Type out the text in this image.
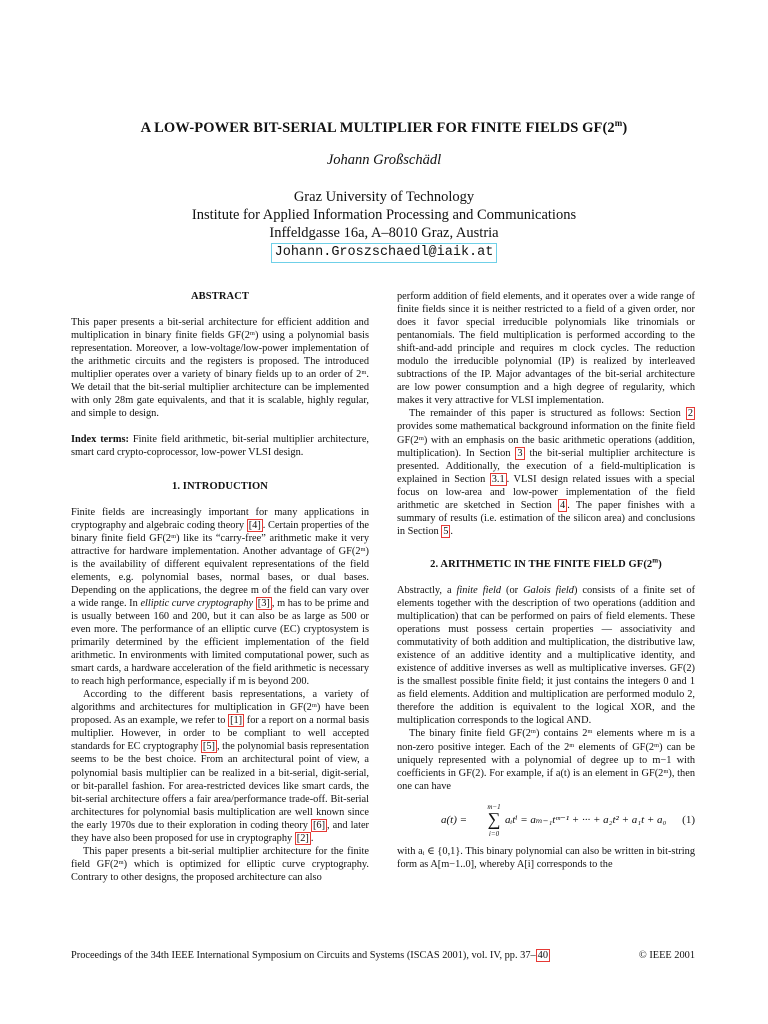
A LOW-POWER BIT-SERIAL MULTIPLIER FOR FINITE FIELDS GF(2$^m$)
Johann Großschädl
Graz University of Technology
Institute for Applied Information Processing and Communications
Inffeldgasse 16a, A–8010 Graz, Austria
Johann.Groszschaedl@iaik.at
ABSTRACT

This paper presents a bit-serial architecture for efficient addition and multiplication in binary finite fields GF(2ᵐ) using a polynomial basis representation. Moreover, a low-voltage/low-power implementation of the arithmetic circuits and the registers is proposed. The introduced multiplier operates over a variety of binary fields up to an order of 2ᵐ. We detail that the bit-serial multiplier architecture can be implemented with only 28m gate equivalents, and that it is scalable, highly regular, and simple to design.

Index terms: Finite field arithmetic, bit-serial multiplier architecture, smart card crypto-coprocessor, low-power VLSI design.

1. INTRODUCTION

Finite fields are increasingly important for many applications in cryptography and algebraic coding theory [4] . Certain properties of the binary finite field GF(2ᵐ) like its “carry-free” arithmetic make it very attractive for hardware implementation. Another advantage of GF(2ᵐ) is the availability of different equivalent representations of the field elements, e.g. polynomial bases, normal bases, or dual bases. Depending on the applications, the degree m of the field can vary over a wide range. In elliptic curve cryptography [3] , m has to be prime and is usually between 160 and 200, but it can also be as large as 500 or even more. The performance of an elliptic curve (EC) cryptosystem is primarily determined by the efficient implementation of the field arithmetic. In environments with limited computational power, such as smart cards, a hardware acceleration of the field arithmetic is necessary to reach high performance, especially if m is beyond 200.

According to the different basis representations, a variety of algorithms and architectures for multiplication in GF(2ᵐ) have been proposed. As an example, we refer to [1] for a report on a normal basis multiplier. However, in order to be compliant to well accepted standards for EC cryptography [5] , the polynomial basis representation seems to be the best choice. From an architectural point of view, a polynomial basis multiplier can be realized in a bit-serial, digit-serial, or bit-parallel fashion. For area-restricted devices like smart cards, the bit-serial architecture offers a fair area/performance trade-off. Bit-serial architectures for polynomial basis multiplication are well known since the early 1970s due to their exploration in coding theory [6] , and later they have also been proposed for use in cryptography [2] .

This paper presents a bit-serial multiplier architecture for the finite field GF(2ᵐ) which is optimized for elliptic curve cryptography. Contrary to other designs, the proposed architecture can also

perform addition of field elements, and it operates over a wide range of finite fields since it is neither restricted to a field of a given order, nor does it favor special irreducible polynomials like trinomials or pentanomials. The field multiplication is performed according to the shift-and-add principle and requires m clock cycles. The reduction modulo the irreducible polynomial (IP) is realized by interleaved subtractions of the IP. Major advantages of the bit-serial architecture are low power consumption and a high degree of regularity, which makes it very attractive for VLSI implementation.

The remainder of this paper is structured as follows: Section 2 provides some mathematical background information on the finite field GF(2ᵐ) with an emphasis on the basic arithmetic operations (addition, multiplication). In Section 3 the bit-serial multiplier architecture is presented. Additionally, the execution of a field-multiplication is explained in Section 3.1 . VLSI design related issues with a special focus on low-area and low-power implementation of the field arithmetic are sketched in Section 4 . The paper finishes with a summary of results (i.e. estimation of the silicon area) and conclusions in Section 5 .

2. ARITHMETIC IN THE FINITE FIELD GF(2$^m$)

Abstractly, a finite field (or Galois field) consists of a finite set of elements together with the description of two operations (addition and multiplication) that can be performed on pairs of field elements. These operations must possess certain properties — associativity and commutativity of both addition and multiplication, the distributive law, existence of an additive identity and a multiplicative identity, and existence of additive inverses as well as multiplicative inverses. GF(2) is the smallest possible finite field; it just contains the integers 0 and 1 as field elements. Addition and multiplication are performed modulo 2, therefore the addition is equivalent to the logical XOR, and the multiplication corresponds to the logical AND.

The binary finite field GF(2ᵐ) contains 2ᵐ elements where m is a non-zero positive integer. Each of the 2ᵐ elements of GF(2ᵐ) can be uniquely represented with a polynomial of degree up to m−1 with coefficients in GF(2). For example, if a(t) is an element in GF(2ᵐ), then one can have

a(t) =
m−1
∑
i=0
aᵢtⁱ = aₘ₋₁tᵐ⁻¹ + ··· + a₂t² + a₁t + a₀ (1)

with aᵢ ∈ {0,1}. This binary polynomial can also be written in bit-string form as A[m−1..0], whereby A[i] corresponds to the

Proceedings of the 34th IEEE International Symposium on Circuits and Systems (ISCAS 2001), vol. IV, pp. 37– 40	© IEEE 2001
